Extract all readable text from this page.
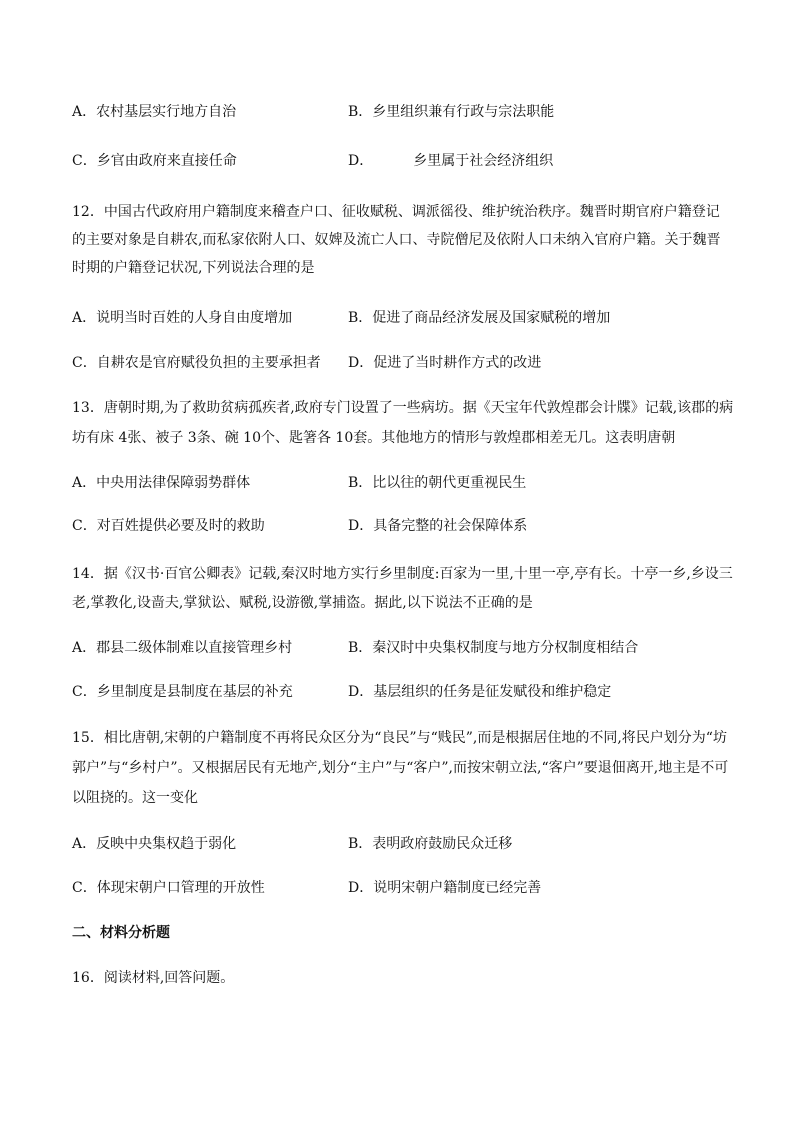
A．农村基层实行地方自治	B．乡里组织兼有行政与宗法职能
C．乡官由政府来直接任命	D．	乡里属于社会经济组织
12．中国古代政府用户籍制度来稽查户口、征收赋税、调派徭役、维护统治秩序。魏晋时期官府户籍登记
的主要对象是自耕农,而私家依附人口、奴婢及流亡人口、寺院僧尼及依附人口未纳入官府户籍。关于魏晋
时期的户籍登记状况,下列说法合理的是
A．说明当时百姓的人身自由度增加	B．促进了商品经济发展及国家赋税的增加
C．自耕农是官府赋役负担的主要承担者 D．促进了当时耕作方式的改进
13．唐朝时期,为了救助贫病孤疾者,政府专门设置了一些病坊。据《天宝年代敦煌郡会计牒》记载,该郡的病
坊有床 4张、被子 3条、碗 10个、匙箸各 10套。其他地方的情形与敦煌郡相差无几。这表明唐朝
A．中央用法律保障弱势群体	B．比以往的朝代更重视民生
C．对百姓提供必要及时的救助	D．具备完整的社会保障体系
14．据《汉书·百官公卿表》记载,秦汉时地方实行乡里制度:百家为一里,十里一亭,亭有长。十亭一乡,乡设三
老,掌教化,设啬夫,掌狱讼、赋税,设游徼,掌捕盗。据此,以下说法不正确的是
A．郡县二级体制难以直接管理乡村	B．秦汉时中央集权制度与地方分权制度相结合
C．乡里制度是县制度在基层的补充	D．基层组织的任务是征发赋役和维护稳定
15．相比唐朝,宋朝的户籍制度不再将民众区分为“良民”与“贱民”,而是根据居住地的不同,将民户划分为“坊
郭户”与“乡村户”。又根据居民有无地产,划分“主户”与“客户”,而按宋朝立法,“客户”要退佃离开,地主是不可
以阻挠的。这一变化
A．反映中央集权趋于弱化	B．表明政府鼓励民众迁移
C．体现宋朝户口管理的开放性	D．说明宋朝户籍制度已经完善
二、材料分析题
16．阅读材料,回答问题。
